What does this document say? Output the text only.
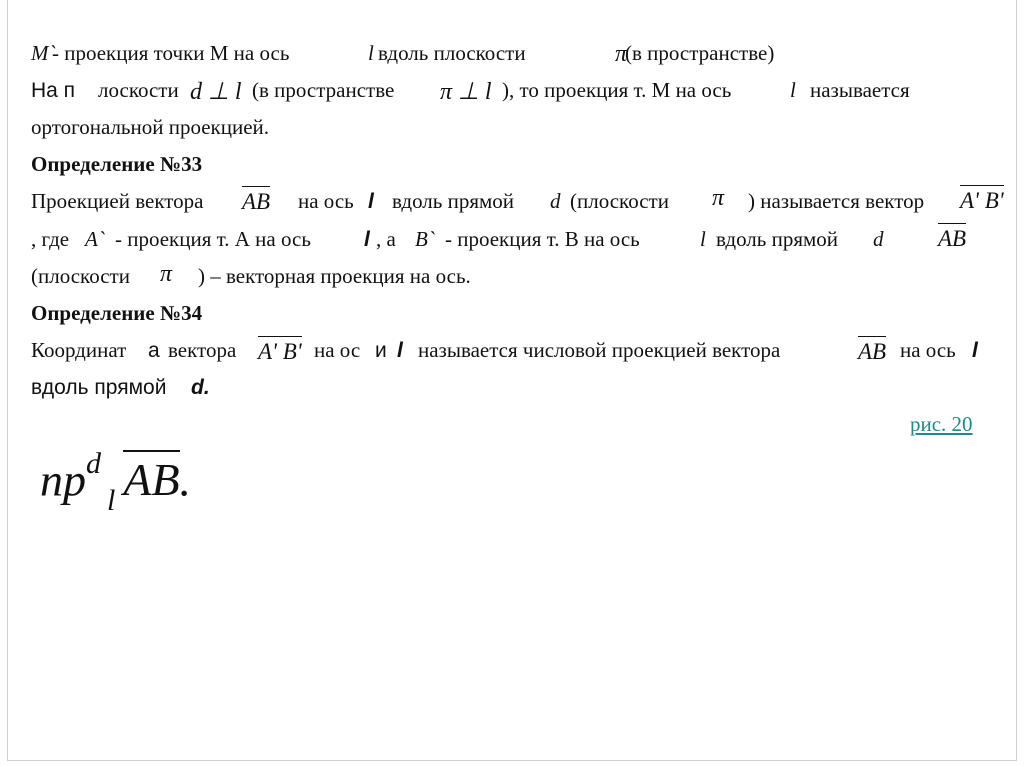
M`
- проекция точки М на ось	l вдоль плоскости	π
(в пространстве)
На п лоскости d ⊥ l (в пространстве π ⊥ l ), то проекция т. М на ось	l называется
ортогональной проекцией.
Определение №33
Проекцией вектора AB на ось l вдоль прямой d (плоскости π ) называется вектор A' B'
, где A` - проекция т. А на ось	l , а B` - проекция т. В на ось	l вдоль прямой d AB
(плоскости π ) – векторная проекция на ось.
Определение №34
Координат а вектора A' B' на ос и l называется числовой проекцией вектора	AB на ось l
вдоль прямой d.
рис. 20
$np^d_l$ AB.
